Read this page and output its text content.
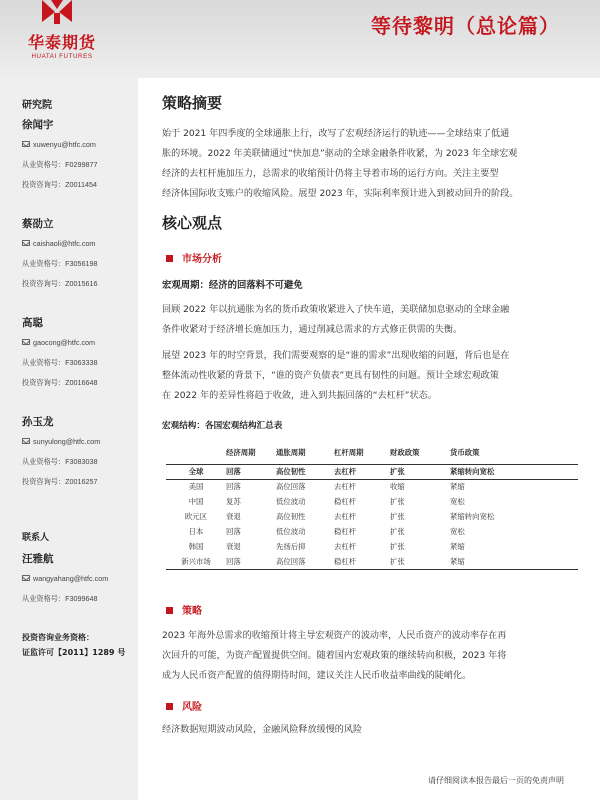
华泰期货
HUATAI FUTURES
等待黎明（总论篇）
研究院
徐闻宇
xuwenyu@htfc.com
从业资格号：F0299877
投资咨询号：Z0011454
蔡劭立
caishaoli@htfc.com
从业资格号：F3056198
投资咨询号：Z0015616
高聪
gaocong@htfc.com
从业资格号：F3063338
投资咨询号：Z0016648
孙玉龙
sunyulong@htfc.com
从业资格号：F3083038
投资咨询号：Z0016257
联系人
汪雅航
wangyahang@htfc.com
从业资格号：F3099648
投资咨询业务资格：
证监许可【2011】1289 号
策略摘要
始于 2021 年四季度的全球通胀上行，改写了宏观经济运行的轨迹——全球结束了低通
胀的环境。2022 年美联储通过“快加息”驱动的全球金融条件收紧，为 2023 年全球宏观
经济的去杠杆施加压力，总需求的收缩预计仍将主导着市场的运行方向。关注主要型
经济体国际收支账户的收缩风险。展望 2023 年，实际利率预计进入到被动回升的阶段。
核心观点
市场分析
宏观周期：经济的回落料不可避免
回顾 2022 年以抗通胀为名的货币政策收紧进入了快车道，美联储加息驱动的全球金融
条件收紧对于经济增长施加压力，通过削减总需求的方式修正供需的失衡。
展望 2023 年的时空背景，我们需要观察的是“谁的需求”出现收缩的问题，背后也是在
整体流动性收紧的背景下，“谁的资产负债表”更具有韧性的问题。预计全球宏观政策
在 2022 年的差异性将趋于收敛，进入到共振回落的“去杠杆”状态。
宏观结构：各国宏观结构汇总表
	经济周期	通胀周期	杠杆周期	财政政策	货币政策
全球	回落	高位韧性	去杠杆	扩张	紧缩转向宽松
美国	回落	高位回落	去杠杆	收缩	紧缩
中国	复苏	低位波动	稳杠杆	扩张	宽松
欧元区	衰退	高位韧性	去杠杆	扩张	紧缩转向宽松
日本	回落	低位波动	稳杠杆	扩张	宽松
韩国	衰退	先扬后抑	去杠杆	扩张	紧缩
新兴市场	回落	高位回落	稳杠杆	扩张	紧缩
策略
2023 年海外总需求的收缩预计将主导宏观资产的波动率，人民币资产的波动率存在再
次回升的可能，为资产配置提供空间。随着国内宏观政策的继续转向积极，2023 年将
成为人民币资产配置的值得期待时间，建议关注人民币收益率曲线的陡峭化。
风险
经济数据短期波动风险，金融风险释放缓慢的风险
请仔细阅读本报告最后一页的免责声明
